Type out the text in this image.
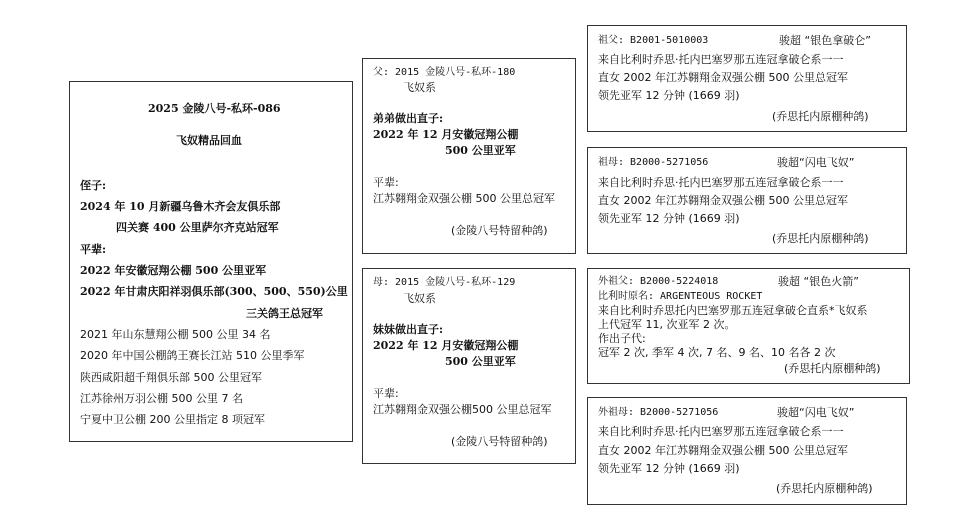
2025 金陵八号-私环-086
飞奴精品回血
侄子:
2024 年 10 月新疆乌鲁木齐会友俱乐部
四关赛 400 公里萨尔齐克站冠军
平辈:
2022 年安徽冠翔公棚 500 公里亚军
2022 年甘肃庆阳祥羽俱乐部(300、500、550)公里
三关鸽王总冠军
2021 年山东慧翔公棚 500 公里 34 名
2020 年中国公棚鸽王赛长江站 510 公里季军
陕西咸阳超千翔俱乐部 500 公里冠军
江苏徐州万羽公棚 500 公里 7 名
宁夏中卫公棚 200 公里指定 8 项冠军
父: 2015 金陵八号-私环-180
飞奴系
弟弟做出直子:
2022 年 12 月安徽冠翔公棚
500 公里亚军
平辈:
江苏翱翔金双强公棚 500 公里总冠军
(金陵八号特留种鸽)
母: 2015 金陵八号-私环-129
飞奴系
妹妹做出直子:
2022 年 12 月安徽冠翔公棚
500 公里亚军
平辈:
江苏翱翔金双强公棚500 公里总冠军
(金陵八号特留种鸽)
祖父: B2001-5010003	骏超 “银色拿破仑”
来自比利时乔思·托内巴塞罗那五连冠拿破仑系一一
直女 2002 年江苏翱翔金双强公棚 500 公里总冠军
领先亚军 12 分钟 (1669 羽)
(乔思托内原棚种鸽)
祖母: B2000-5271056	骏超“闪电飞奴”
来自比利时乔思·托内巴塞罗那五连冠拿破仑系一一
直女 2002 年江苏翱翔金双强公棚 500 公里总冠军
领先亚军 12 分钟 (1669 羽)
(乔思托内原棚种鸽)
外祖父: B2000-5224018	骏超 “银色火箭”
比利时原名: ARGENTEOUS ROCKET
来自比利时乔思托内巴塞罗那五连冠拿破仑直系*飞奴系
上代冠军 11, 次亚军 2 次。
作出子代:
冠军 2 次, 季军 4 次, 7 名、9 名、10 名各 2 次
(乔思托内原棚种鸽)
外祖母: B2000-5271056	骏超“闪电飞奴”
来自比利时乔思·托内巴塞罗那五连冠拿破仑系一一
直女 2002 年江苏翱翔金双强公棚 500 公里总冠军
领先亚军 12 分钟 (1669 羽)
(乔思托内原棚种鸽)
